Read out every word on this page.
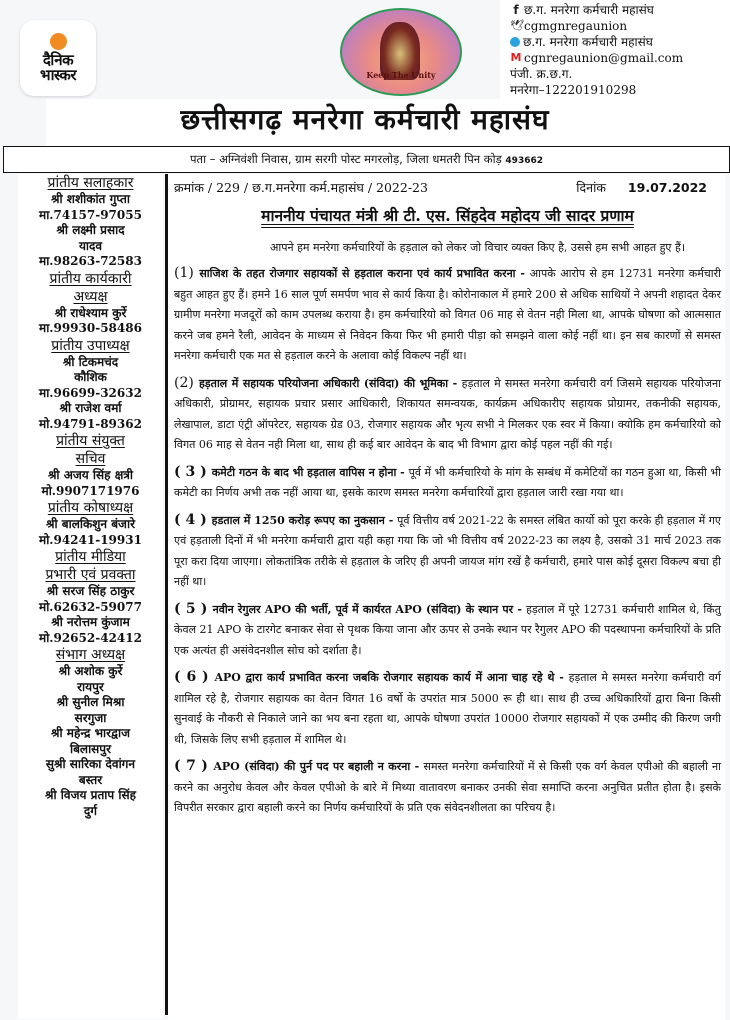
दैनिक
भास्कर	Keep The Unity
f छ.ग. मनरेगा कर्मचारी महासंघ
🕊 cgmgnregaunion
छ.ग. मनरेगा कर्मचारी महासंघ
M cgnregaunion@gmail.com
पंजी. क्र.छ.ग.
मनरेगा–122201910298
छत्तीसगढ़ मनरेगा कर्मचारी महासंघ
पता – अग्निवंशी निवास, ग्राम सरगी पोस्ट मगरलोड़, जिला धमतरी पिन कोड़ 493662
प्रांतीय सलाहकार
श्री शशीकांत गुप्ता
मा.74157-97055
श्री लक्ष्मी प्रसाद
यादव
मा.98263-72583
प्रांतीय कार्यकारी
अध्यक्ष
श्री राधेश्याम कुर्रे
मा.99930-58486
प्रांतीय उपाध्यक्ष
श्री टिकमचंद
कौशिक
मा.96699-32632
श्री राजेश वर्मा
मो.94791-89362
प्रांतीय संयुक्त
सचिव
श्री अजय सिंह क्षत्री
मो.9907171976
प्रांतीय कोषाध्यक्ष
श्री बालकिशुन बंजारे
मो.94241-19931
प्रांतीय मीडिया
प्रभारी एवं प्रवक्ता
श्री सरज सिंह ठाकुर
मो.62632-59077
श्री नरोत्तम कुंजाम
मो.92652-42412
संभाग अध्यक्ष
श्री अशोक कुर्रे
रायपुर
श्री सुनील मिश्रा
सरगुजा
श्री महेन्द्र भारद्वाज
बिलासपुर
सुश्री सारिका देवांगन
बस्तर
श्री विजय प्रताप सिंह
दुर्ग
क्रमांक / 229 / छ.ग.मनरेगा कर्म.महासंघ / 2022-23	दिनांक 19.07.2022
माननीय पंचायत मंत्री श्री टी. एस. सिंहदेव महोदय जी सादर प्रणाम
आपने हम मनरेगा कर्मचारियों के हड़ताल को लेकर जो विचार व्यक्त किए है, उससे हम सभी आहत हुए हैं।
(1) साजिश के तहत रोजगार सहायकों से हड़ताल कराना एवं कार्य प्रभावित करना - आपके आरोप से हम 12731 मनरेगा कर्मचारी बहुत आहत हुए हैं। हमने 16 साल पूर्ण समर्पण भाव से कार्य किया है। कोरोनाकाल में हमारे 200 से अधिक साथियों ने अपनी शहादत देकर ग्रामीण मनरेगा मजदूरों को काम उपलब्ध कराया है। हम कर्मचारियो को विगत 06 माह से वेतन नही मिला था, आपके घोषणा को आत्मसात करने जब हमने रैली, आवेदन के माध्यम से निवेदन किया फिर भी हमारी पीड़ा को समझने वाला कोई नहीं था। इन सब कारणों से समस्त मनरेगा कर्मचारी एक मत से हड़ताल करने के अलावा कोई विकल्प नहीं था।
(2) हड़ताल में सहायक परियोजना अधिकारी (संविदा) की भूमिका - हड़ताल मे समस्त मनरेगा कर्मचारी वर्ग जिसमे सहायक परियोजना अधिकारी, प्रोग्रामर, सहायक प्रचार प्रसार आधिकारी, शिकायत समन्वयक, कार्यक्रम अधिकारीए सहायक प्रोग्रामर, तकनीकी सहायक, लेखापाल, डाटा एंट्री ऑपरेटर, सहायक ग्रेड 03, रोजगार सहायक और भृत्य सभी ने मिलकर एक स्वर में किया। क्योकि हम कर्मचारियो को विगत 06 माह से वेतन नही मिला था, साथ ही कई बार आवेदन के बाद भी विभाग द्वारा कोई पहल नहीं की गई।
( 3 ) कमेटी गठन के बाद भी हड़ताल वापिस न होना - पूर्व में भी कर्मचारियो के मांग के सम्बंध में कमेटियों का गठन हुआ था, किसी भी कमेटी का निर्णय अभी तक नहीं आया था, इसके कारण समस्त मनरेगा कर्मचारियों द्वारा हड़ताल जारी रखा गया था।
( 4 ) हडताल में 1250 करोड़ रूपए का नुकसान - पूर्व वित्तीय वर्ष 2021-22 के समस्त लंबित कार्यो को पूरा करके ही हड़ताल में गए एवं हड़ताली दिनों में भी मनरेगा कर्मचारी द्वारा यही कहा गया कि जो भी वित्तीय वर्ष 2022-23 का लक्ष्य है, उसको 31 मार्च 2023 तक पूरा करा दिया जाएगा। लोकतांत्रिक तरीके से हड़ताल के जरिए ही अपनी जायज मांग रखें है कर्मचारी, हमारे पास कोई दूसरा विकल्प बचा ही नहीं था।
( 5 ) नवीन रेगुलर APO की भर्ती, पूर्व में कार्यरत APO (संविदा) के स्थान पर - हड़ताल में पूरे 12731 कर्मचारी शामिल थे, किंतु केवल 21 APO के टारगेट बनाकर सेवा से पृथक किया जाना और ऊपर से उनके स्थान पर रैगुलर APO की पदस्थापना कर्मचारियों के प्रति एक अत्यंत ही असंवेदनशील सोच को दर्शाता है।
( 6 ) APO द्वारा कार्य प्रभावित करना जबकि रोजगार सहायक कार्य में आना चाह रहे थे - हड़ताल मे समस्त मनरेगा कर्मचारी वर्ग शामिल रहे है, रोजगार सहायक का वेतन विगत 16 वर्षो के उपरांत मात्र 5000 रू ही था। साथ ही उच्च अधिकारियों द्वारा बिना किसी सुनवाई के नौकरी से निकाले जाने का भय बना रहता था, आपके घोषणा उपरांत 10000 रोजगार सहायकों में एक उम्मीद की किरण जगी थी, जिसके लिए सभी हड़ताल में शामिल थे।
( 7 ) APO (संविदा) की पुर्न पद पर बहाली न करना - समस्त मनरेगा कर्मचारियों में से किसी एक वर्ग केवल एपीओ की बहाली ना करने का अनुरोध केवल और केवल एपीओ के बारे में मिथ्या वातावरण बनाकर उनकी सेवा समाप्ति करना अनुचित प्रतीत होता है। इसके विपरीत सरकार द्वारा बहाली करने का निर्णय कर्मचारियों के प्रति एक संवेदनशीलता का परिचय है।
